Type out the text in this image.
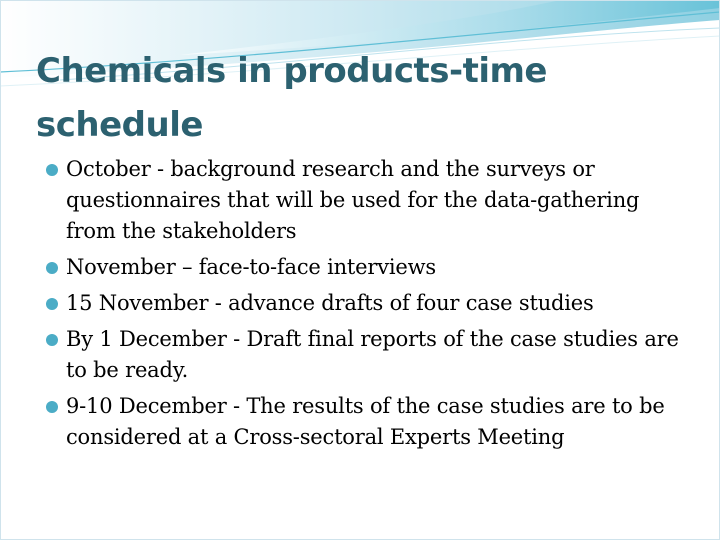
Chemicals in products-time schedule
October - background research and the surveys or questionnaires that will be used for the data-gathering from the stakeholders
November – face-to-face interviews
15 November - advance drafts of four case studies
By 1 December - Draft final reports of the case studies are to be ready.
9-10 December - The results of the case studies are to be considered at a Cross-sectoral Experts Meeting
